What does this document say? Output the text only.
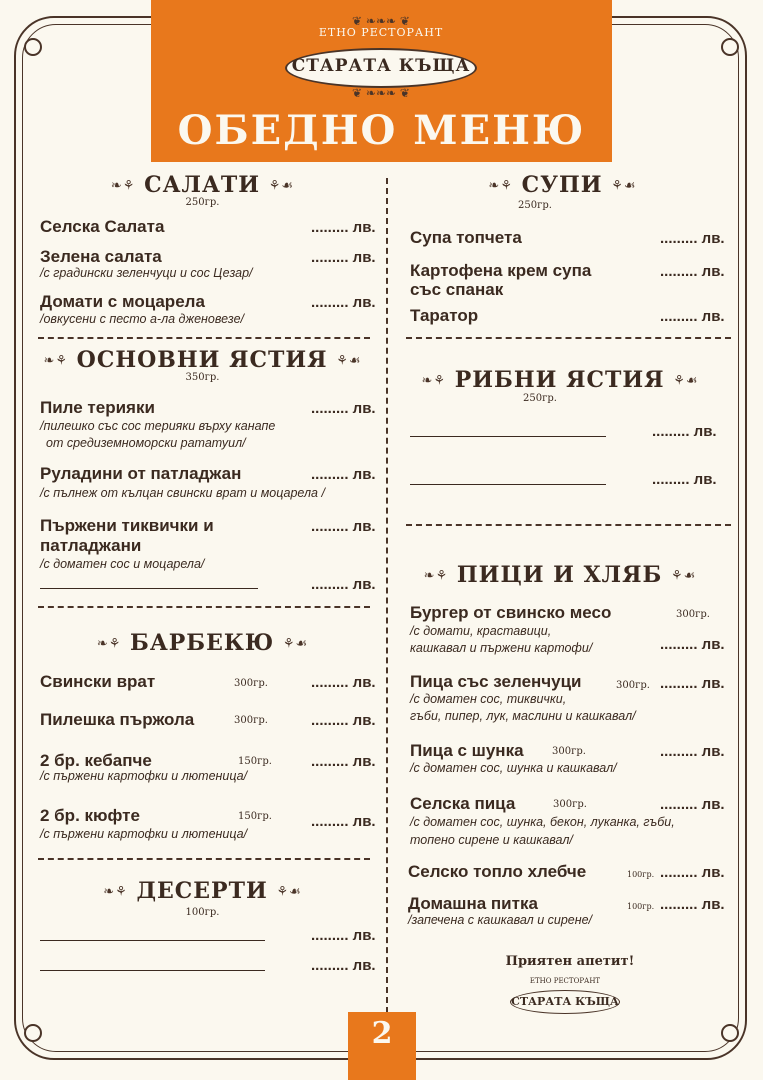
❦ ❧❧❧ ❦
ЕТНО РЕСТОРАНТ
СТАРАТА КЪЩА
❦ ❧❧❧ ❦
ОБЕДНО МЕНЮ
❧⚘ САЛАТИ ⚘☙
250гр.
Селска Салата	......... лв.
Зелена салата	......... лв.
/с градински зеленчуци и сос Цезар/
Домати с моцарела	......... лв.
/овкусени с песто а-ла дженовезе/
❧⚘ ОСНОВНИ ЯСТИЯ ⚘☙
350гр.
Пиле терияки	......... лв.
/пилешко със сос терияки върху канапе
от средиземноморски рататуил/
Руладини от патладжан	......... лв.
/с пълнеж от кълцан свински врат и моцарела /
Пържени тиквички и	......... лв.
патладжани
/с доматен сос и моцарела/
......... лв.
❧⚘ БАРБЕКЮ ⚘☙
Свински врат	300гр.	......... лв.
Пилешка пържола	300гр.	......... лв.
2 бр. кебапче	150гр.	......... лв.
/с пържени картофки и лютеница/
2 бр. кюфте	150гр.	......... лв.
/с пържени картофки и лютеница/
❧⚘ ДЕСЕРТИ ⚘☙
100гр.
......... лв.
......... лв.
❧⚘ СУПИ ⚘☙
250гр.
Супа топчета	......... лв.
Картофена крем супа	......... лв.
със спанак
Таратор	......... лв.
❧⚘ РИБНИ ЯСТИЯ ⚘☙
250гр.
......... лв.
......... лв.
❧⚘ ПИЦИ И ХЛЯБ ⚘☙
Бургер от свинско месо	300гр.
/с домати, краставици,
кашкавал и пържени картофи/	......... лв.
Пица със зеленчуци	300гр. ......... лв.
/с доматен сос, тиквички,
гъби, пипер, лук, маслини и кашкавал/
Пица с шунка	300гр.	......... лв.
/с доматен сос, шунка и кашкавал/
Селска пица	300гр.	......... лв.
/с доматен сос, шунка, бекон, луканка, гъби,
топено сирене и кашкавал/
Селско топло хлебче	100гр. ......... лв.
Домашна питка	100гр. ......... лв.
/запечена с кашкавал и сирене/
Приятен апетит!
ЕТНО РЕСТОРАНТ
СТАРАТА КЪЩА
2
